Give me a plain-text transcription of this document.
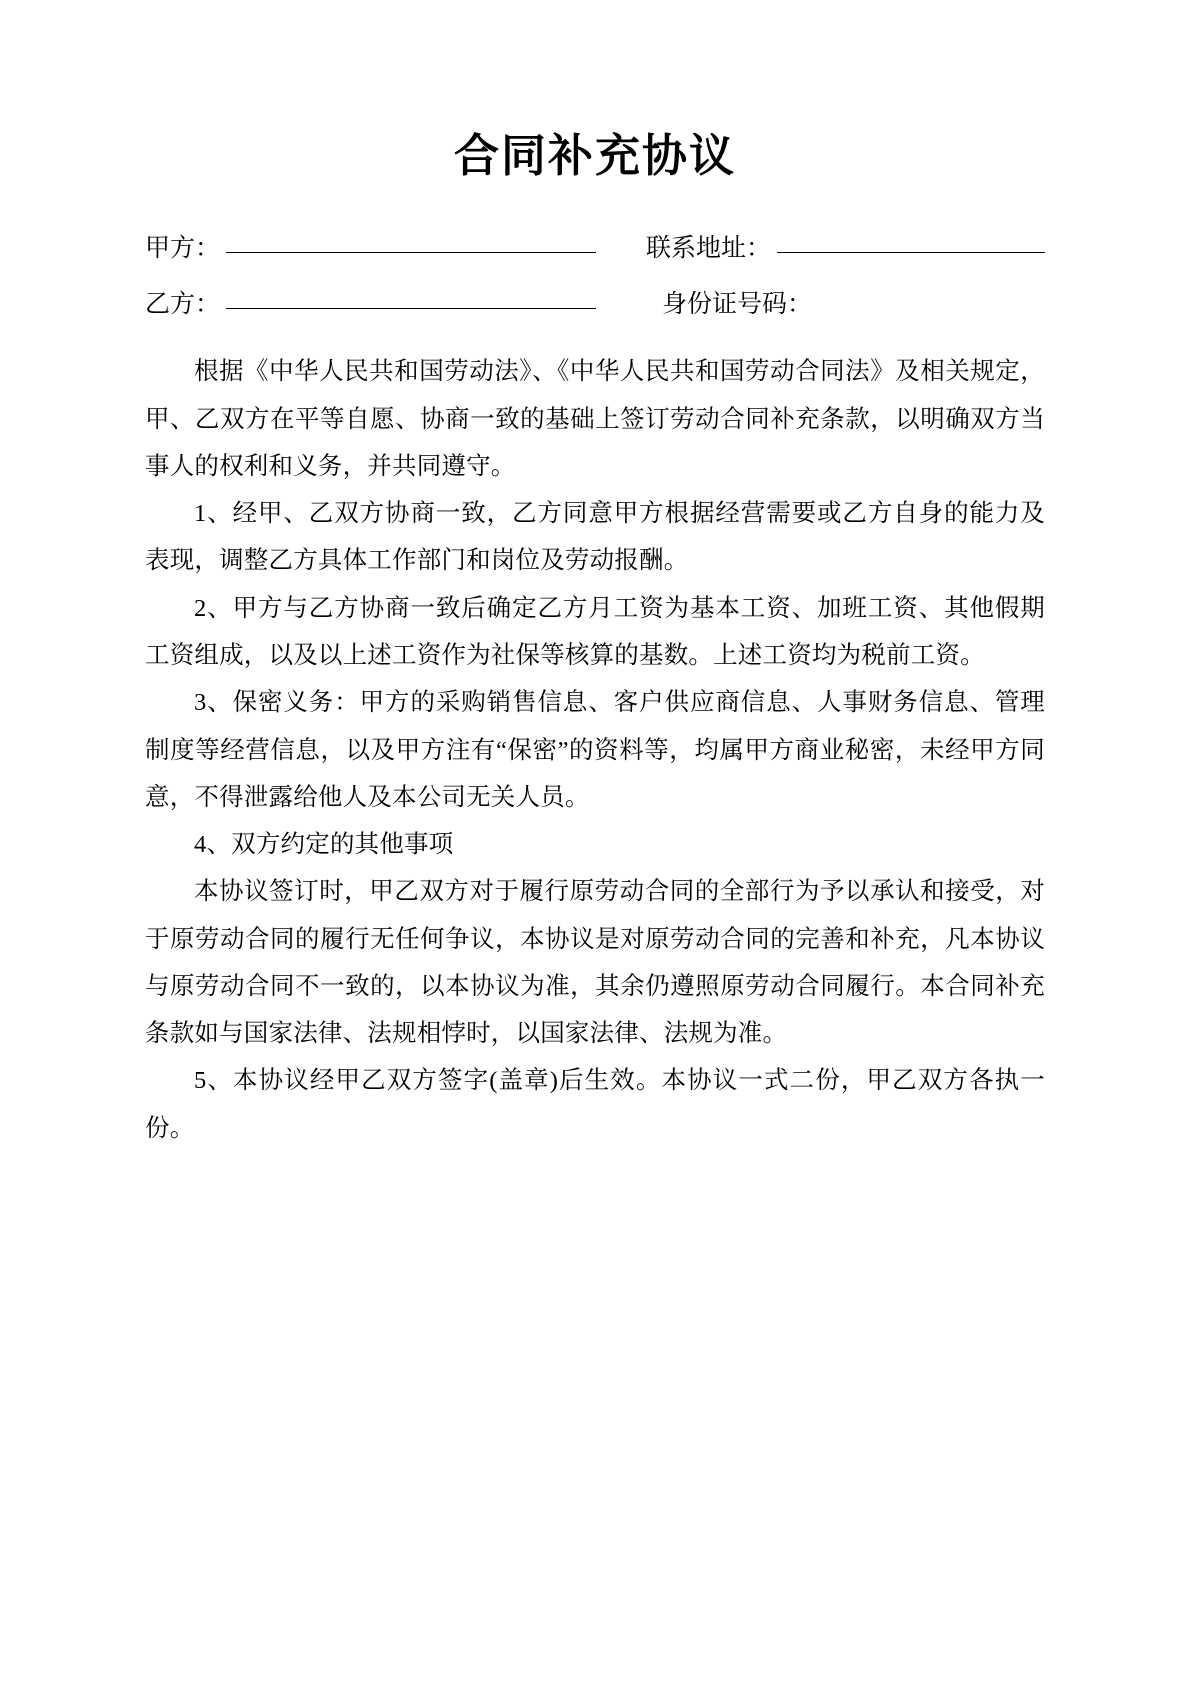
合同补充协议
甲方：	联系地址：
乙方：	身份证号码：

根据《中华人民共和国劳动法》、《中华人民共和国劳动合同法》及相关规定，甲、乙双方在平等自愿、协商一致的基础上签订劳动合同补充条款，以明确双方当事人的权利和义务，并共同遵守。

1、经甲、乙双方协商一致，乙方同意甲方根据经营需要或乙方自身的能力及表现，调整乙方具体工作部门和岗位及劳动报酬。

2、甲方与乙方协商一致后确定乙方月工资为基本工资、加班工资、其他假期工资组成，以及以上述工资作为社保等核算的基数。上述工资均为税前工资。

3、保密义务：甲方的采购销售信息、客户供应商信息、人事财务信息、管理制度等经营信息，以及甲方注有“保密”的资料等，均属甲方商业秘密，未经甲方同意，不得泄露给他人及本公司无关人员。

4、双方约定的其他事项

本协议签订时，甲乙双方对于履行原劳动合同的全部行为予以承认和接受，对于原劳动合同的履行无任何争议，本协议是对原劳动合同的完善和补充，凡本协议与原劳动合同不一致的，以本协议为准，其余仍遵照原劳动合同履行。本合同补充条款如与国家法律、法规相悖时，以国家法律、法规为准。

5、本协议经甲乙双方签字(盖章)后生效。本协议一式二份，甲乙双方各执一份。
